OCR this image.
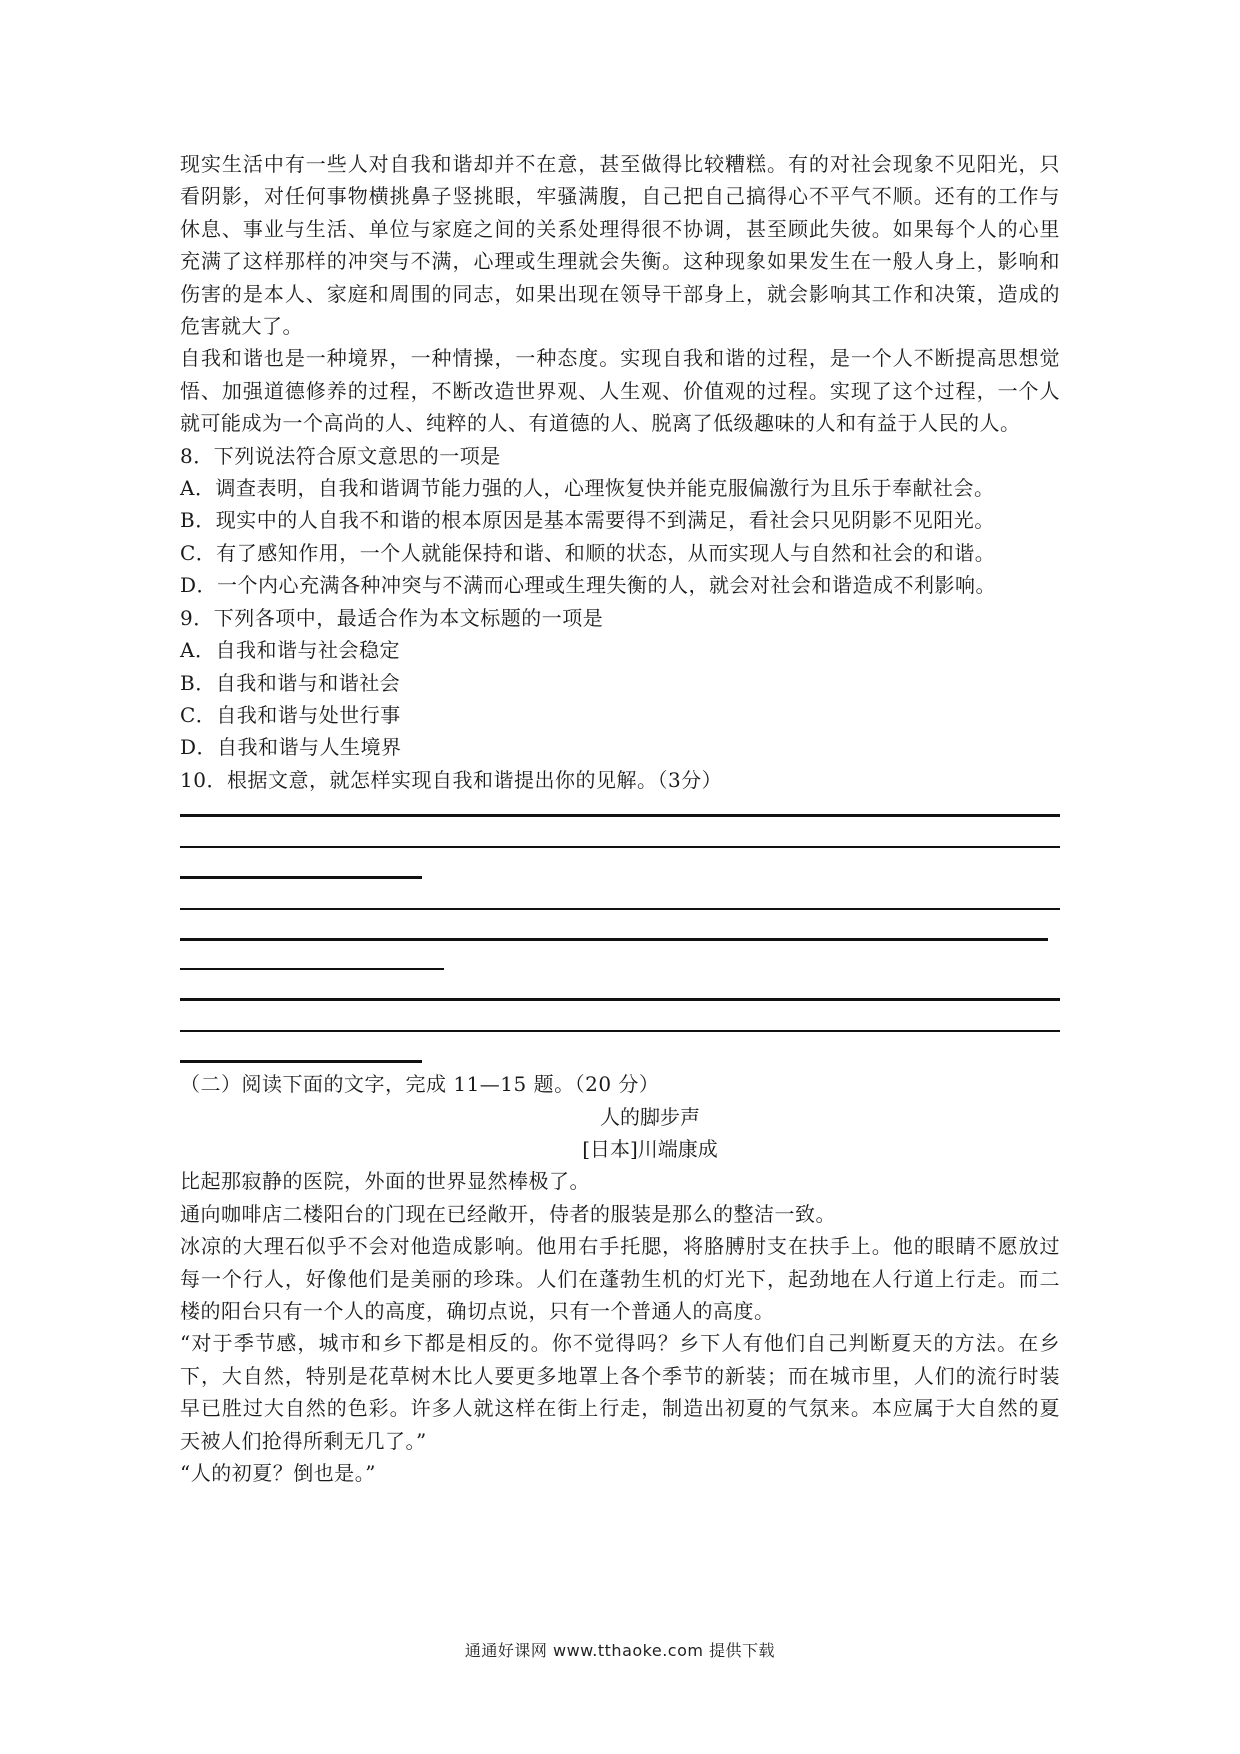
现实生活中有一些人对自我和谐却并不在意，甚至做得比较糟糕。有的对社会现象不见阳光，只看阴影，对任何事物横挑鼻子竖挑眼，牢骚满腹，自己把自己搞得心不平气不顺。还有的工作与休息、事业与生活、单位与家庭之间的关系处理得很不协调，甚至顾此失彼。如果每个人的心里充满了这样那样的冲突与不满，心理或生理就会失衡。这种现象如果发生在一般人身上，影响和伤害的是本人、家庭和周围的同志，如果出现在领导干部身上，就会影响其工作和决策，造成的危害就大了。

自我和谐也是一种境界，一种情操，一种态度。实现自我和谐的过程，是一个人不断提高思想觉悟、加强道德修养的过程，不断改造世界观、人生观、价值观的过程。实现了这个过程，一个人就可能成为一个高尚的人、纯粹的人、有道德的人、脱离了低级趣味的人和有益于人民的人。

8．下列说法符合原文意思的一项是

A．调查表明，自我和谐调节能力强的人，心理恢复快并能克服偏激行为且乐于奉献社会。

B．现实中的人自我不和谐的根本原因是基本需要得不到满足，看社会只见阴影不见阳光。

C．有了感知作用，一个人就能保持和谐、和顺的状态，从而实现人与自然和社会的和谐。

D．一个内心充满各种冲突与不满而心理或生理失衡的人，就会对社会和谐造成不利影响。

9．下列各项中，最适合作为本文标题的一项是

A．自我和谐与社会稳定

B．自我和谐与和谐社会

C．自我和谐与处世行事

D．自我和谐与人生境界

10．根据文意，就怎样实现自我和谐提出你的见解。（3分）

（二）阅读下面的文字，完成 11—15 题。（20 分）

人的脚步声

[日本]川端康成

比起那寂静的医院，外面的世界显然棒极了。

通向咖啡店二楼阳台的门现在已经敞开，侍者的服装是那么的整洁一致。

冰凉的大理石似乎不会对他造成影响。他用右手托腮，将胳膊肘支在扶手上。他的眼睛不愿放过每一个行人，好像他们是美丽的珍珠。人们在蓬勃生机的灯光下，起劲地在人行道上行走。而二楼的阳台只有一个人的高度，确切点说，只有一个普通人的高度。

“对于季节感，城市和乡下都是相反的。你不觉得吗？乡下人有他们自己判断夏天的方法。在乡下，大自然，特别是花草树木比人要更多地罩上各个季节的新装；而在城市里，人们的流行时装早已胜过大自然的色彩。许多人就这样在街上行走，制造出初夏的气氛来。本应属于大自然的夏天被人们抢得所剩无几了。”

“人的初夏？倒也是。”

通通好课网 www.tthaoke.com 提供下载
